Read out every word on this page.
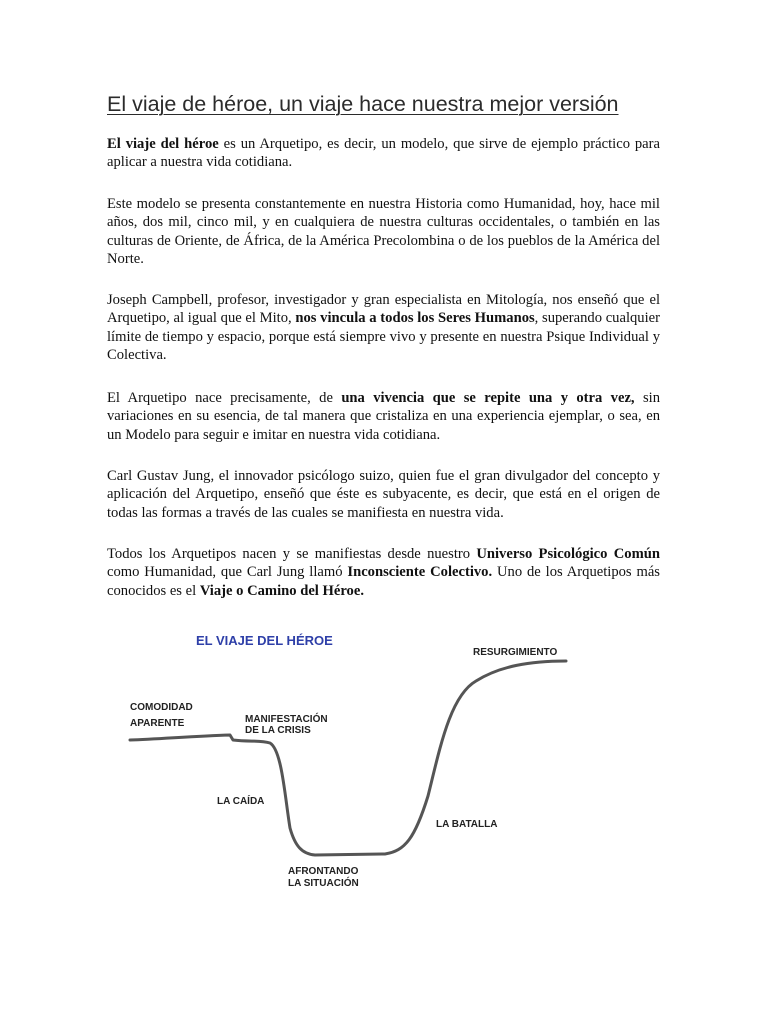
El viaje de héroe, un viaje hace nuestra mejor versión

El viaje del héroe es un Arquetipo, es decir, un modelo, que sirve de ejemplo práctico para aplicar a nuestra vida cotidiana.

Este modelo se presenta constantemente en nuestra Historia como Humanidad, hoy, hace mil años, dos mil, cinco mil, y en cualquiera de nuestra culturas occidentales, o también en las culturas de Oriente, de África, de la América Precolombina o de los pueblos de la América del Norte.

Joseph Campbell, profesor, investigador y gran especialista en Mitología, nos enseñó que el Arquetipo, al igual que el Mito, nos vincula a todos los Seres Humanos, superando cualquier límite de tiempo y espacio, porque está siempre vivo y presente en nuestra Psique Individual y Colectiva.

El Arquetipo nace precisamente, de una vivencia que se repite una y otra vez, sin variaciones en su esencia, de tal manera que cristaliza en una experiencia ejemplar, o sea, en un Modelo para seguir e imitar en nuestra vida cotidiana.

Carl Gustav Jung, el innovador psicólogo suizo, quien fue el gran divulgador del concepto y aplicación del Arquetipo, enseñó que éste es subyacente, es decir, que está en el origen de todas las formas a través de las cuales se manifiesta en nuestra vida.

Todos los Arquetipos nacen y se manifiestas desde nuestro Universo Psicológico Común como Humanidad, que Carl Jung llamó Inconsciente Colectivo. Uno de los Arquetipos más conocidos es el Viaje o Camino del Héroe.

EL VIAJE DEL HÉROE
COMODIDAD
APARENTE	MANIFESTACIÓN
DE LA CRISIS
LA CAÍDA
AFRONTANDO
LA SITUACIÓN
LA BATALLA
RESURGIMIENTO
